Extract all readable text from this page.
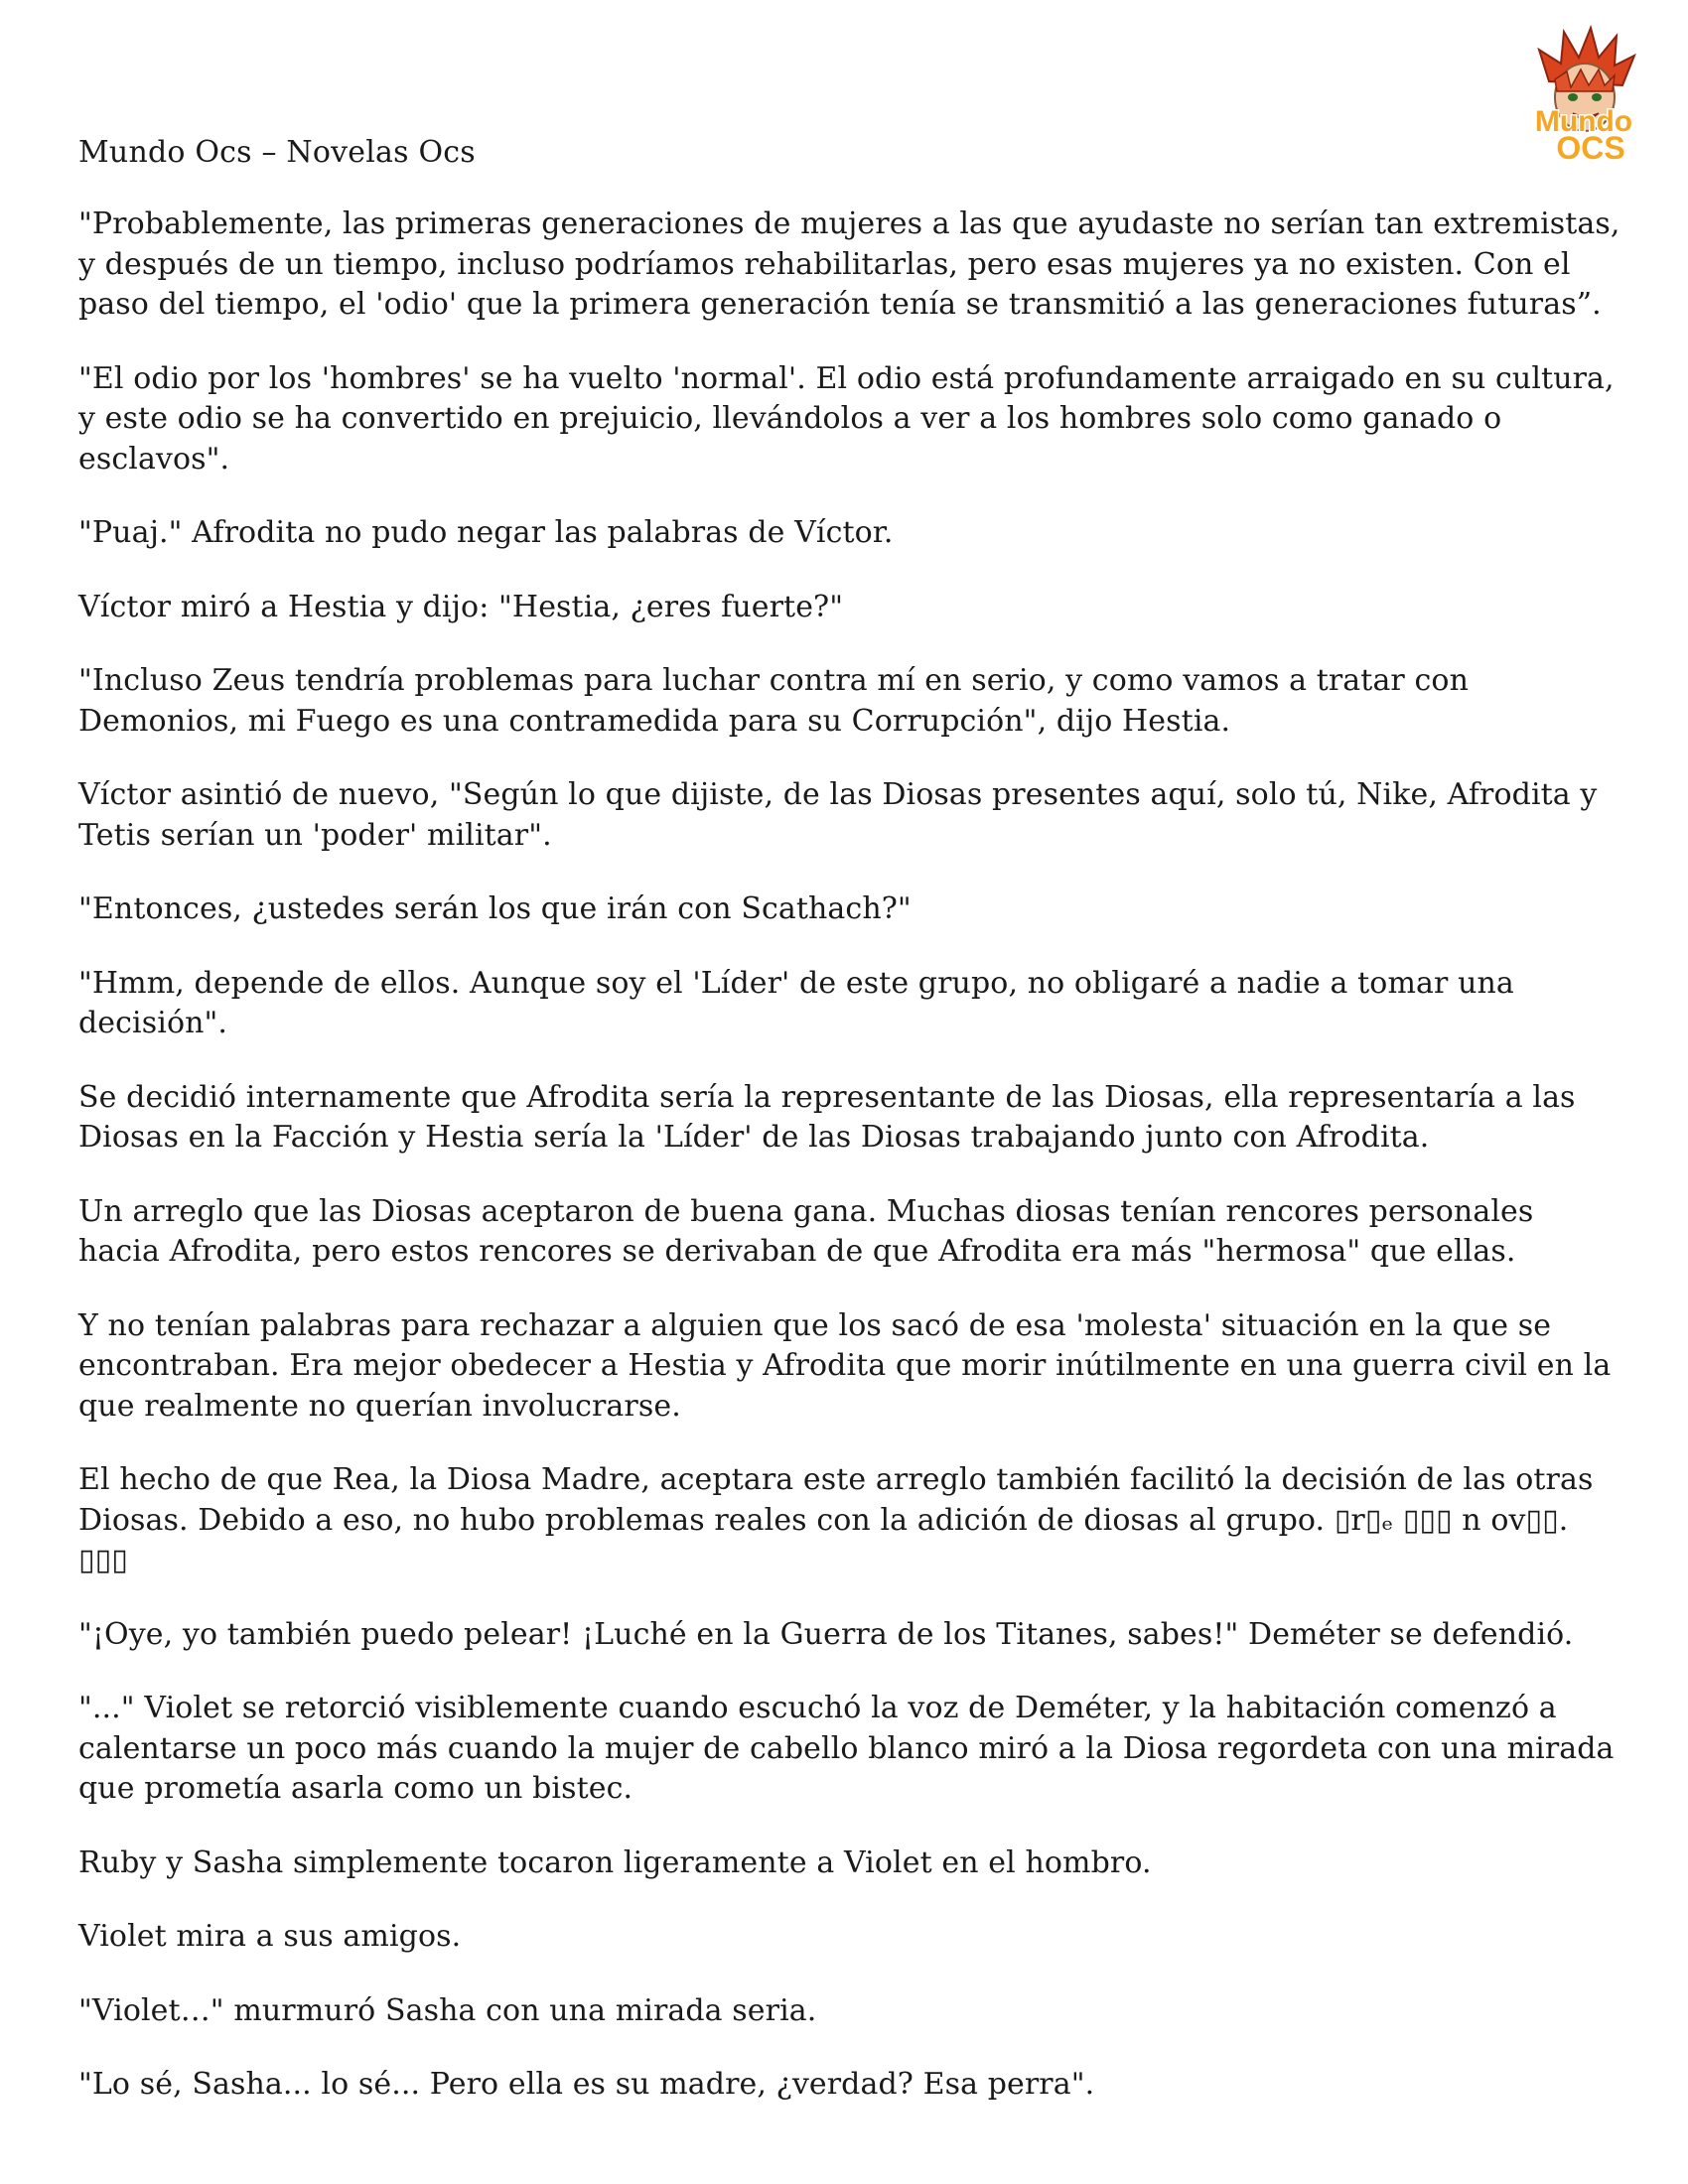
Mundo
OCS
Mundo Ocs – Novelas Ocs

"Probablemente, las primeras generaciones de mujeres a las que ayudaste no serían tan extremistas, y después de un tiempo, incluso podríamos rehabilitarlas, pero esas mujeres ya no existen. Con el paso del tiempo, el 'odio' que la primera generación tenía se transmitió a las generaciones futuras”.

"El odio por los 'hombres' se ha vuelto 'normal'. El odio está profundamente arraigado en su cultura, y este odio se ha convertido en prejuicio, llevándolos a ver a los hombres solo como ganado o esclavos".

"Puaj." Afrodita no pudo negar las palabras de Víctor.

Víctor miró a Hestia y dijo: "Hestia, ¿eres fuerte?"

"Incluso Zeus tendría problemas para luchar contra mí en serio, y como vamos a tratar con Demonios, mi Fuego es una contramedida para su Corrupción", dijo Hestia.

Víctor asintió de nuevo, "Según lo que dijiste, de las Diosas presentes aquí, solo tú, Nike, Afrodita y Tetis serían un 'poder' militar".

"Entonces, ¿ustedes serán los que irán con Scathach?"

"Hmm, depende de ellos. Aunque soy el 'Líder' de este grupo, no obligaré a nadie a tomar una decisión".

Se decidió internamente que Afrodita sería la representante de las Diosas, ella representaría a las Diosas en la Facción y Hestia sería la 'Líder' de las Diosas trabajando junto con Afrodita.

Un arreglo que las Diosas aceptaron de buena gana. Muchas diosas tenían rencores personales hacia Afrodita, pero estos rencores se derivaban de que Afrodita era más "hermosa" que ellas.

Y no tenían palabras para rechazar a alguien que los sacó de esa 'molesta' situación en la que se encontraban. Era mejor obedecer a Hestia y Afrodita que morir inútilmente en una guerra civil en la que realmente no querían involucrarse.

El hecho de que Rea, la Diosa Madre, aceptara este arreglo también facilitó la decisión de las otras Diosas. Debido a eso, no hubo problemas reales con la adición de diosas al grupo. ▯r▯ₑ ▯▯▯ n ov▯▯. ▯▯▯

"¡Oye, yo también puedo pelear! ¡Luché en la Guerra de los Titanes, sabes!" Deméter se defendió.

"..." Violet se retorció visiblemente cuando escuchó la voz de Deméter, y la habitación comenzó a calentarse un poco más cuando la mujer de cabello blanco miró a la Diosa regordeta con una mirada que prometía asarla como un bistec.

Ruby y Sasha simplemente tocaron ligeramente a Violet en el hombro.

Violet mira a sus amigos.

"Violet…" murmuró Sasha con una mirada seria.

"Lo sé, Sasha... lo sé... Pero ella es su madre, ¿verdad? Esa perra".
